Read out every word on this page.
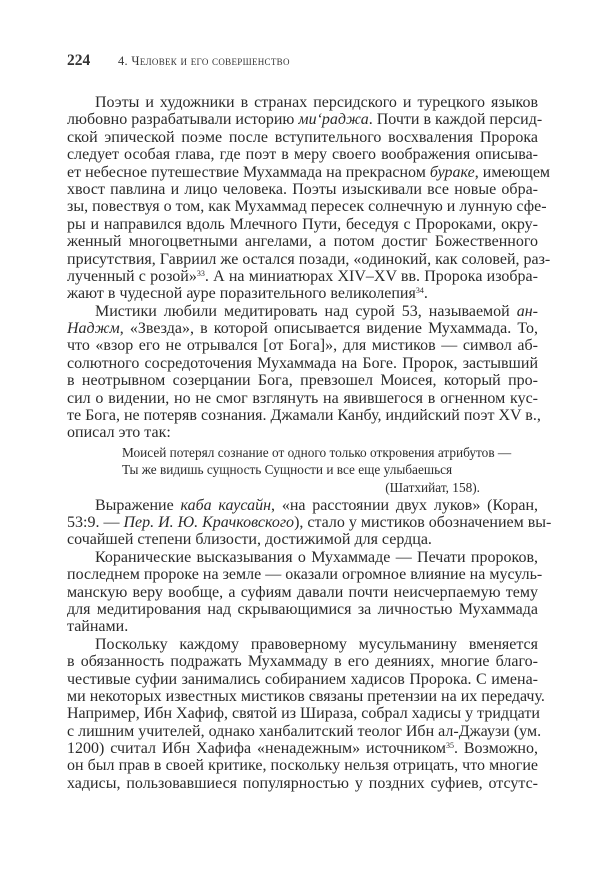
224	4. Человек и его совершенство
Поэты и художники в странах персидского и турецкого языков
любовно разрабатывали историю ми‘раджа. Почти в каждой персид-
ской эпической поэме после вступительного восхваления Пророка
следует особая глава, где поэт в меру своего воображения описыва-
ет небесное путешествие Мухаммада на прекрасном бураке, имеющем
хвост павлина и лицо человека. Поэты изыскивали все новые обра-
зы, повествуя о том, как Мухаммад пересек солнечную и лунную сфе-
ры и направился вдоль Млечного Пути, беседуя с Пророками, окру-
женный многоцветными ангелами, а потом достиг Божественного
присутствия, Гавриил же остался позади, «одинокий, как соловей, раз-
лученный с розой»$^{33}$. А на миниатюрах XIV–XV вв. Пророка изобра-
жают в чудесной ауре поразительного великолепия$^{34}$.
Мистики любили медитировать над сурой 53, называемой ан-
Наджм, «Звезда», в которой описывается видение Мухаммада. То,
что «взор его не отрывался [от Бога]», для мистиков — символ аб-
солютного сосредоточения Мухаммада на Боге. Пророк, застывший
в неотрывном созерцании Бога, превзошел Моисея, который про-
сил о видении, но не смог взглянуть на явившегося в огненном кус-
те Бога, не потеряв сознания. Джамали Канбу, индийский поэт XV в.,
описал это так:
Моисей потерял сознание от одного только откровения атрибутов —
Ты же видишь сущность Сущности и все еще улыбаешься
(Шатхийат, 158).
Выражение каба каусайн, «на расстоянии двух луков» (Коран,
53:9. — Пер. И. Ю. Крачковского), стало у мистиков обозначением вы-
сочайшей степени близости, достижимой для сердца.
Коранические высказывания о Мухаммаде — Печати пророков,
последнем пророке на земле — оказали огромное влияние на мусуль-
манскую веру вообще, а суфиям давали почти неисчерпаемую тему
для медитирования над скрывающимися за личностью Мухаммада
тайнами.
Поскольку каждому правоверному мусульманину вменяется
в обязанность подражать Мухаммаду в его деяниях, многие благо-
честивые суфии занимались собиранием хадисов Пророка. С имена-
ми некоторых известных мистиков связаны претензии на их передачу.
Например, Ибн Хафиф, святой из Шираза, собрал хадисы у тридцати
с лишним учителей, однако ханбалитский теолог Ибн ал-Джаузи (ум.
1200) считал Ибн Хафифа «ненадежным» источником$^{35}$. Возможно,
он был прав в своей критике, поскольку нельзя отрицать, что многие
хадисы, пользовавшиеся популярностью у поздних суфиев, отсутс-
